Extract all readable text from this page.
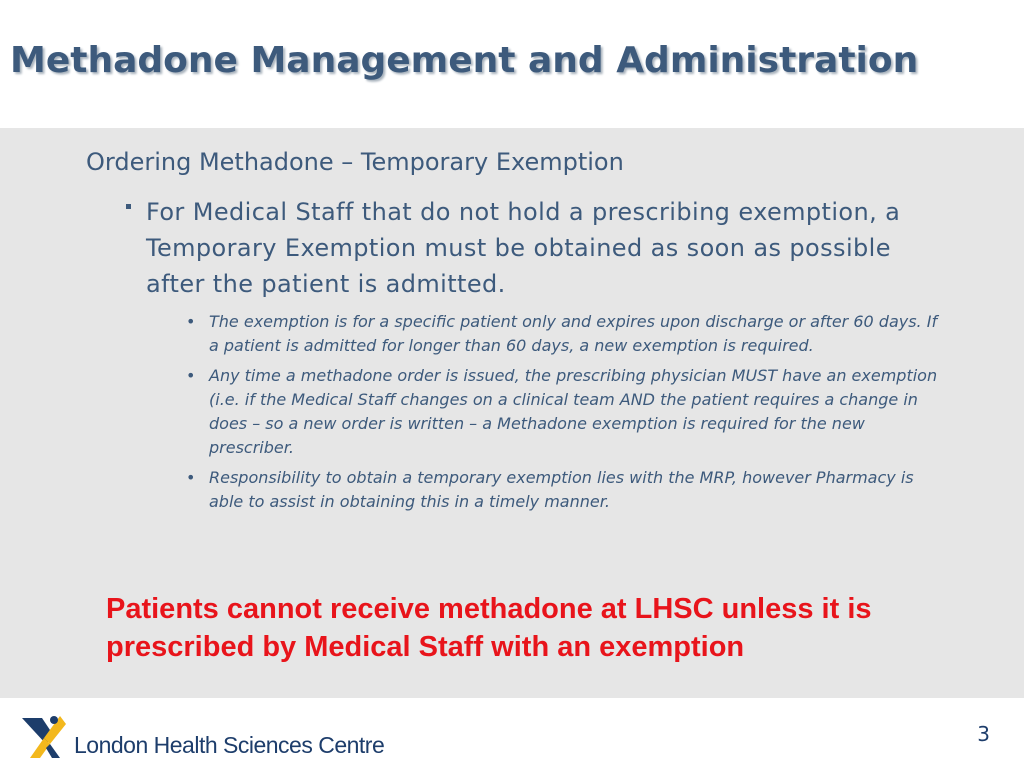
Methadone Management and Administration
Ordering Methadone – Temporary Exemption
For Medical Staff that do not hold a prescribing exemption, a Temporary Exemption must be obtained as soon as possible after the patient is admitted.
• The exemption is for a specific patient only and expires upon discharge or after 60 days. If a patient is admitted for longer than 60 days, a new exemption is required.
• Any time a methadone order is issued, the prescribing physician MUST have an exemption (i.e. if the Medical Staff changes on a clinical team AND the patient requires a change in does – so a new order is written – a Methadone exemption is required for the new prescriber.
• Responsibility to obtain a temporary exemption lies with the MRP, however Pharmacy is able to assist in obtaining this in a timely manner.
Patients cannot receive methadone at LHSC unless it is prescribed by Medical Staff with an exemption
London Health Sciences Centre	3
